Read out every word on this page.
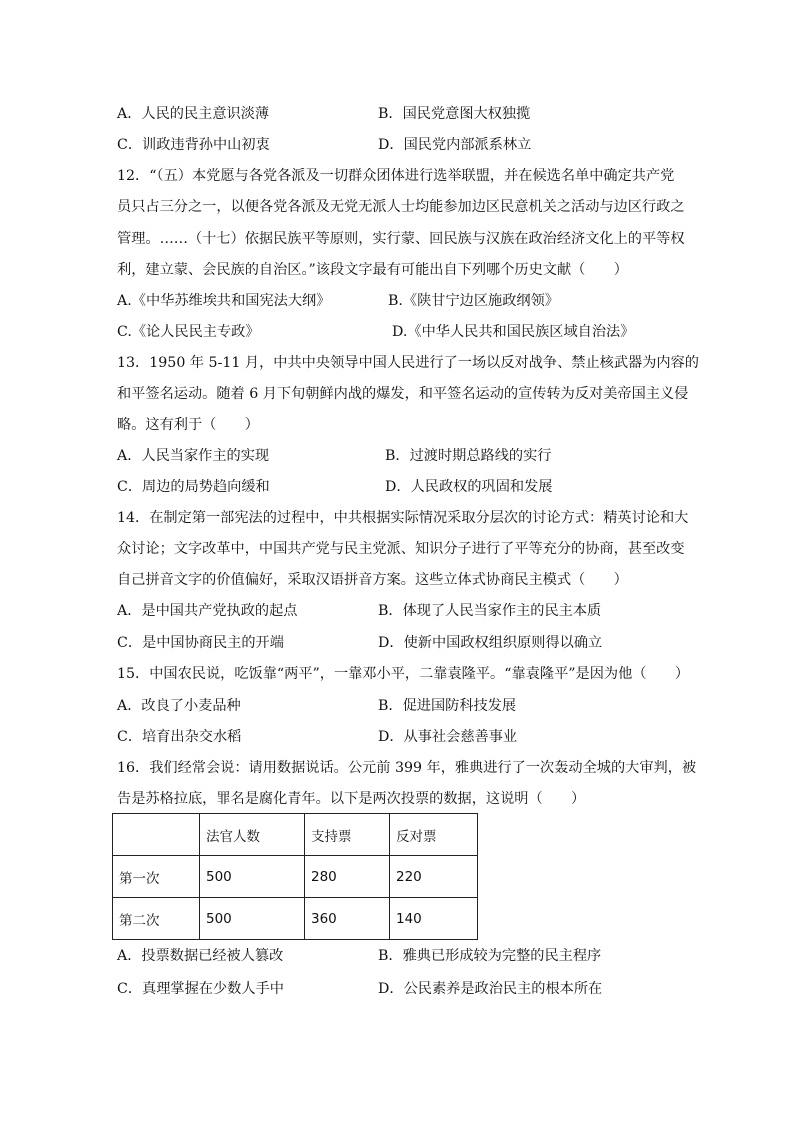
A．人民的民主意识淡薄	B．国民党意图大权独揽
C．训政违背孙中山初衷	D．国民党内部派系林立
12．“（五）本党愿与各党各派及一切群众团体进行选举联盟，并在候选名单中确定共产党
员只占三分之一，以便各党各派及无党无派人士均能参加边区民意机关之活动与边区行政之
管理。……（十七）依据民族平等原则，实行蒙、回民族与汉族在政治经济文化上的平等权
利，建立蒙、会民族的自治区。”该段文字最有可能出自下列哪个历史文献（　　）
A.《中华苏维埃共和国宪法大纲》	B.《陕甘宁边区施政纲领》
C.《论人民民主专政》	D.《中华人民共和国民族区域自治法》
13．1950 年 5-11 月，中共中央领导中国人民进行了一场以反对战争、禁止核武器为内容的
和平签名运动。随着 6 月下旬朝鲜内战的爆发，和平签名运动的宣传转为反对美帝国主义侵
略。这有利于（　　）
A．人民当家作主的实现	B．过渡时期总路线的实行
C．周边的局势趋向缓和	D．人民政权的巩固和发展
14．在制定第一部宪法的过程中，中共根据实际情况采取分层次的讨论方式：精英讨论和大
众讨论；文字改革中，中国共产党与民主党派、知识分子进行了平等充分的协商，甚至改变
自己拼音文字的价值偏好，采取汉语拼音方案。这些立体式协商民主模式（　　）
A．是中国共产党执政的起点	B．体现了人民当家作主的民主本质
C．是中国协商民主的开端	D．使新中国政权组织原则得以确立
15．中国农民说，吃饭靠“两平”，一靠邓小平，二靠袁隆平。“靠袁隆平”是因为他（　　）
A．改良了小麦品种	B．促进国防科技发展
C．培育出杂交水稻	D．从事社会慈善事业
16．我们经常会说：请用数据说话。公元前 399 年，雅典进行了一次轰动全城的大审判，被
告是苏格拉底，罪名是腐化青年。以下是两次投票的数据，这说明（　　）
	法官人数	支持票	反对票
第一次	500	280	220
第二次	500	360	140
A．投票数据已经被人篡改	B．雅典已形成较为完整的民主程序
C．真理掌握在少数人手中	D．公民素养是政治民主的根本所在
